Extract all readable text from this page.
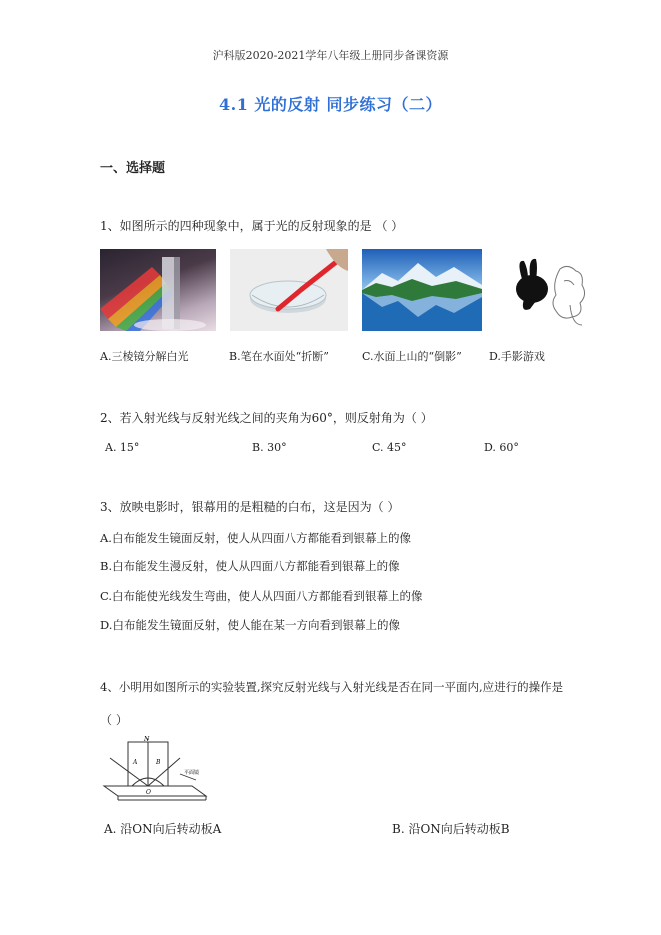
沪科版2020-2021学年八年级上册同步备课资源
4.1 光的反射 同步练习（二）
一、选择题
1、如图所示的四种现象中，属于光的反射现象的是 （ ）
A.三棱镜分解白光	B.笔在水面处“折断”	C.水面上山的“倒影” D.手影游戏
2、若入射光线与反射光线之间的夹角为60°，则反射角为（ ）
A. 15°	B. 30°	C. 45°	D. 60°
3、放映电影时，银幕用的是粗糙的白布，这是因为（ ）
A.白布能发生镜面反射，使人从四面八方都能看到银幕上的像
B.白布能发生漫反射，使人从四面八方都能看到银幕上的像
C.白布能使光线发生弯曲，使人从四面八方都能看到银幕上的像
D.白布能发生镜面反射，使人能在某一方向看到银幕上的像
4、小明用如图所示的实验装置,探究反射光线与入射光线是否在同一平面内,应进行的操作是
（ ）
A	B
N
O
平面镜
A. 沿ON向后转动板A	B. 沿ON向后转动板B
